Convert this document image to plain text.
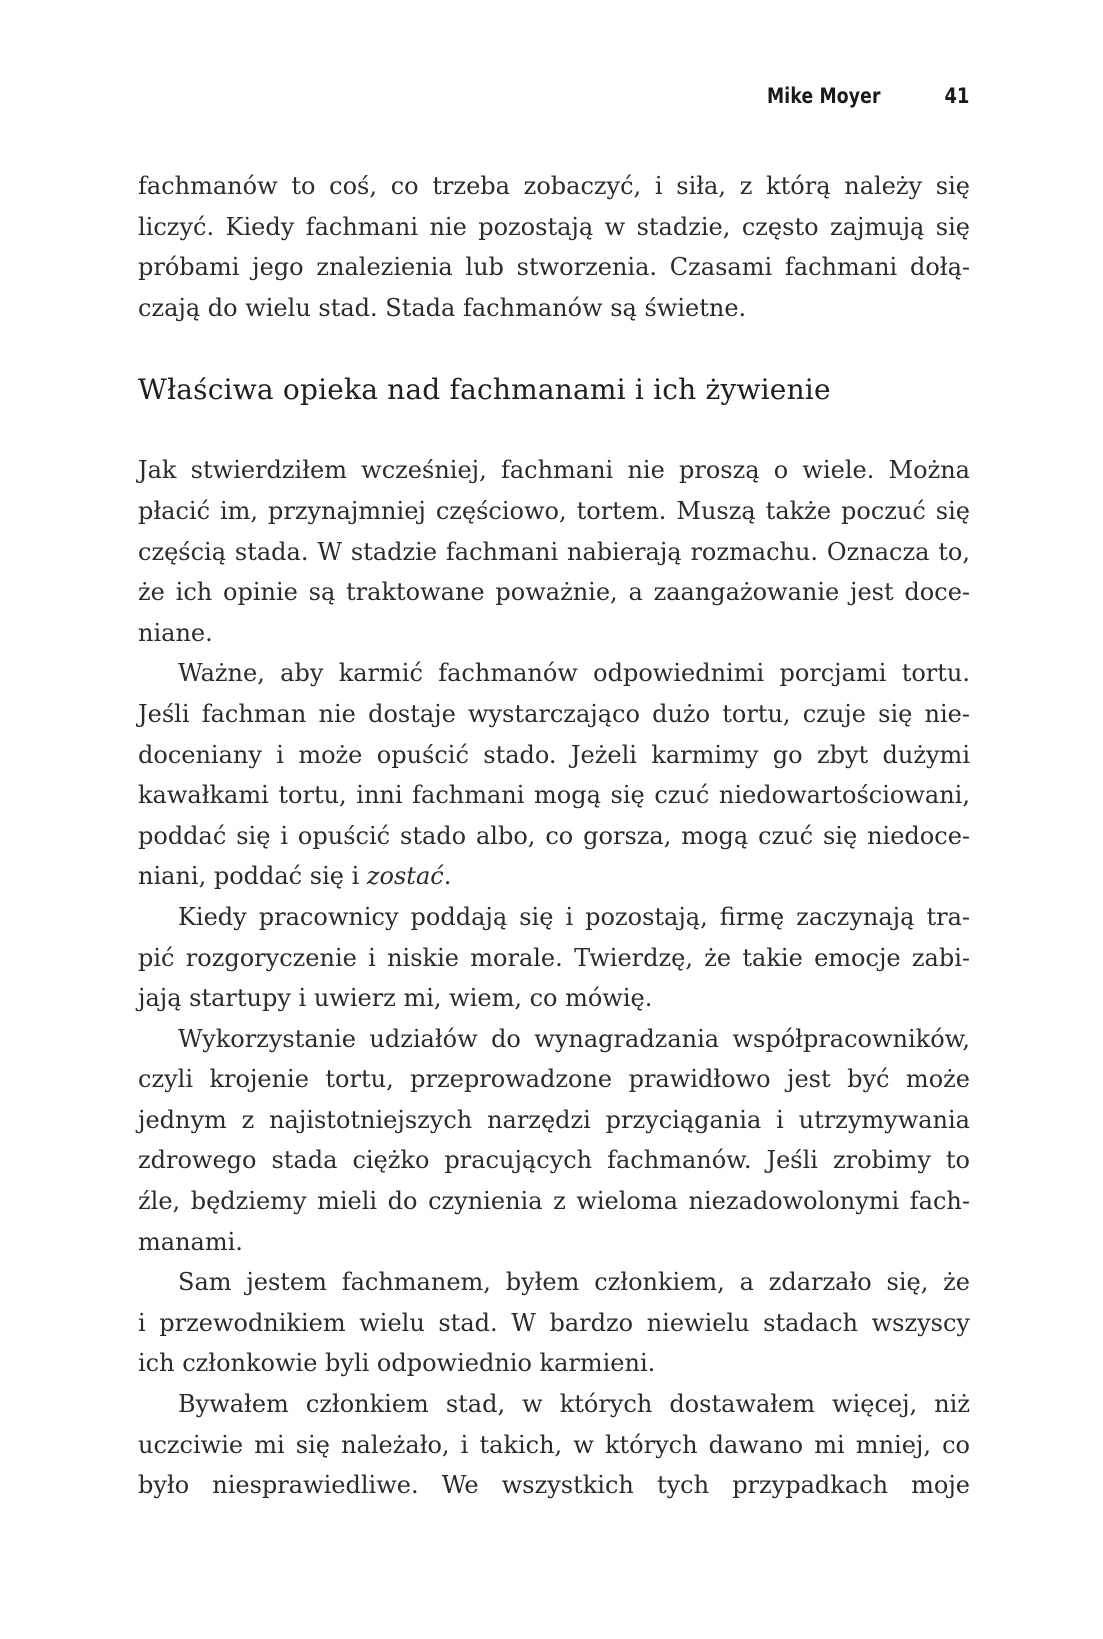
Mike Moyer	41
fachmanów to coś, co trzeba zobaczyć, i siła, z którą należy się
liczyć. Kiedy fachmani nie pozostają w stadzie, często zajmują się
próbami jego znalezienia lub stworzenia. Czasami fachmani dołą-
czają do wielu stad. Stada fachmanów są świetne.
Właściwa opieka nad fachmanami i ich żywienie
Jak stwierdziłem wcześniej, fachmani nie proszą o wiele. Można
płacić im, przynajmniej częściowo, tortem. Muszą także poczuć się
częścią stada. W stadzie fachmani nabierają rozmachu. Oznacza to,
że ich opinie są traktowane poważnie, a zaangażowanie jest doce-
niane.
Ważne, aby karmić fachmanów odpowiednimi porcjami tortu.
Jeśli fachman nie dostaje wystarczająco dużo tortu, czuje się nie-
doceniany i może opuścić stado. Jeżeli karmimy go zbyt dużymi
kawałkami tortu, inni fachmani mogą się czuć niedowartościowani,
poddać się i opuścić stado albo, co gorsza, mogą czuć się niedoce-
niani, poddać się i zostać.
Kiedy pracownicy poddają się i pozostają, firmę zaczynają tra-
pić rozgoryczenie i niskie morale. Twierdzę, że takie emocje zabi-
jają startupy i uwierz mi, wiem, co mówię.
Wykorzystanie udziałów do wynagradzania współpracowników,
czyli krojenie tortu, przeprowadzone prawidłowo jest być może
jednym z najistotniejszych narzędzi przyciągania i utrzymywania
zdrowego stada ciężko pracujących fachmanów. Jeśli zrobimy to
źle, będziemy mieli do czynienia z wieloma niezadowolonymi fach-
manami.
Sam jestem fachmanem, byłem członkiem, a zdarzało się, że
i przewodnikiem wielu stad. W bardzo niewielu stadach wszyscy
ich członkowie byli odpowiednio karmieni.
Bywałem członkiem stad, w których dostawałem więcej, niż
uczciwie mi się należało, i takich, w których dawano mi mniej, co
było niesprawiedliwe. We wszystkich tych przypadkach moje
